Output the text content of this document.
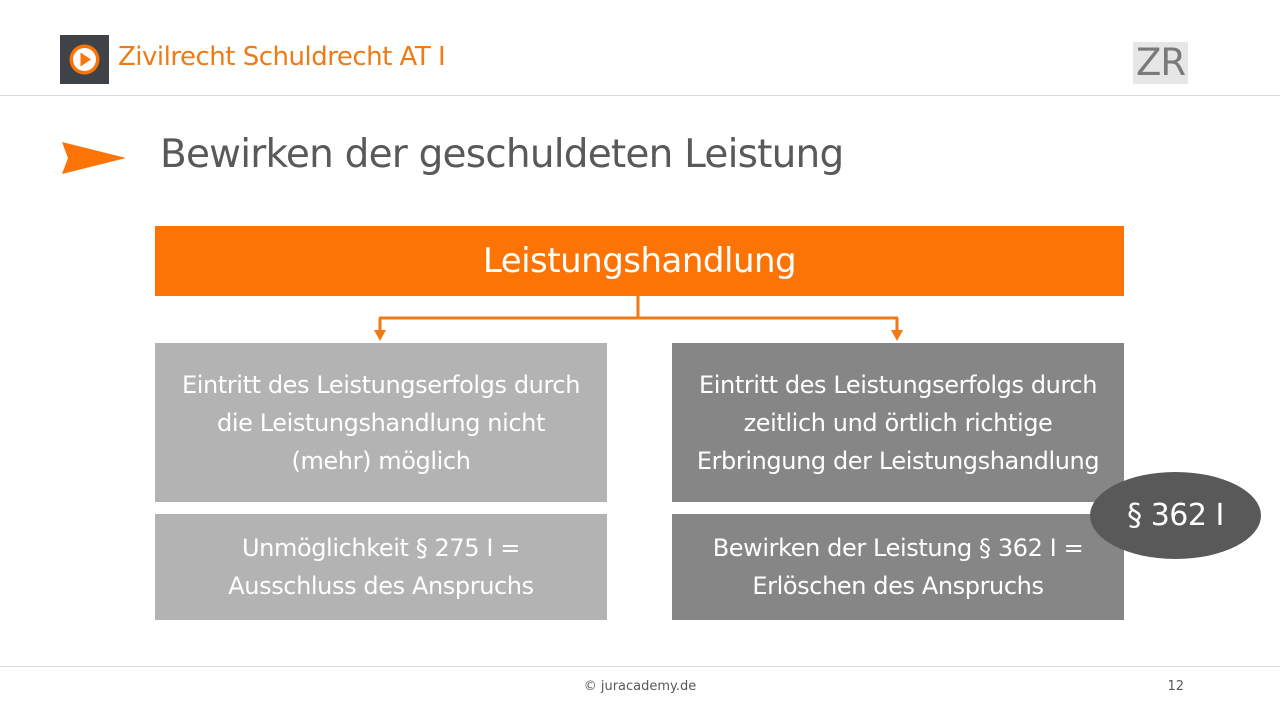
Zivilrecht Schuldrecht AT I	ZR
Bewirken der geschuldeten Leistung
Leistungshandlung
Eintritt des Leistungserfolgs durch
die Leistungshandlung nicht
(mehr) möglich
Eintritt des Leistungserfolgs durch
zeitlich und örtlich richtige
Erbringung der Leistungshandlung
Unmöglichkeit § 275 I =
Ausschluss des Anspruchs
Bewirken der Leistung § 362 I =
Erlöschen des Anspruchs
§ 362 I
© juracademy.de	12
